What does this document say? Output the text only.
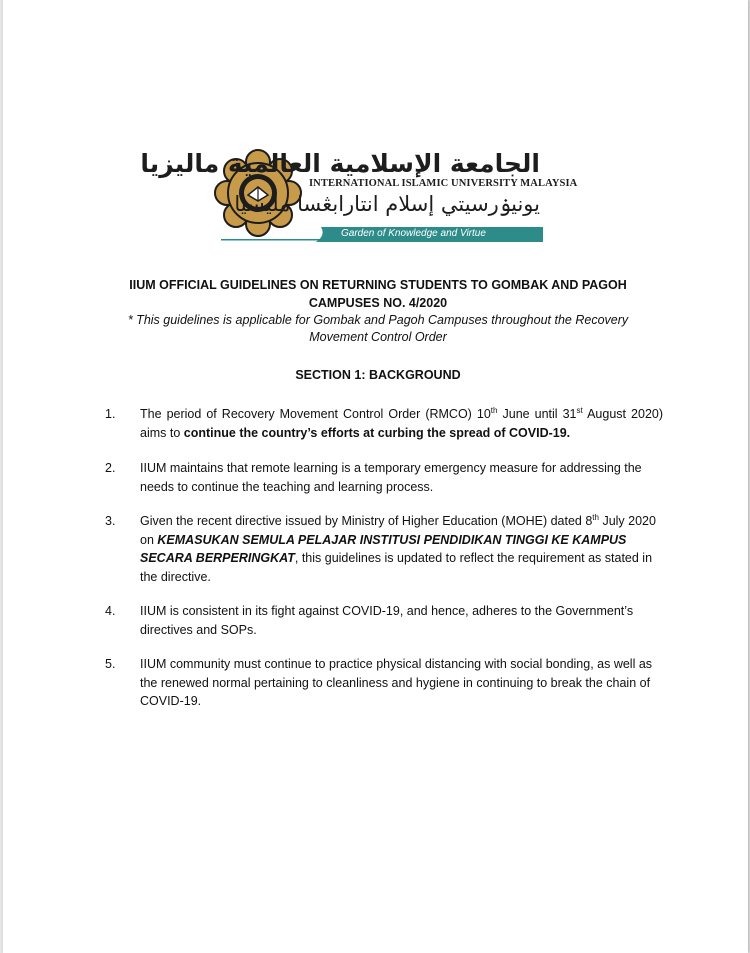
الجامعة الإسلامية العالمية ماليزيا
INTERNATIONAL ISLAMIC UNIVERSITY MALAYSIA
يونيۏرسيتي إسلام انتارابڠسا مليسيا
Garden of Knowledge and Virtue
IIUM OFFICIAL GUIDELINES ON RETURNING STUDENTS TO GOMBAK AND PAGOH
CAMPUSES NO. 4/2020
* This guidelines is applicable for Gombak and Pagoh Campuses throughout the Recovery
Movement Control Order
SECTION 1: BACKGROUND
1. The period of Recovery Movement Control Order (RMCO) 10th June until 31st August 2020) aims to continue the country’s efforts at curbing the spread of COVID-19.
2. IIUM maintains that remote learning is a temporary emergency measure for addressing the needs to continue the teaching and learning process.
3. Given the recent directive issued by Ministry of Higher Education (MOHE) dated 8th July 2020 on KEMASUKAN SEMULA PELAJAR INSTITUSI PENDIDIKAN TINGGI KE KAMPUS SECARA BERPERINGKAT, this guidelines is updated to reflect the requirement as stated in the directive.
4. IIUM is consistent in its fight against COVID-19, and hence, adheres to the Government’s directives and SOPs.
5. IIUM community must continue to practice physical distancing with social bonding, as well as the renewed normal pertaining to cleanliness and hygiene in continuing to break the chain of COVID-19.
